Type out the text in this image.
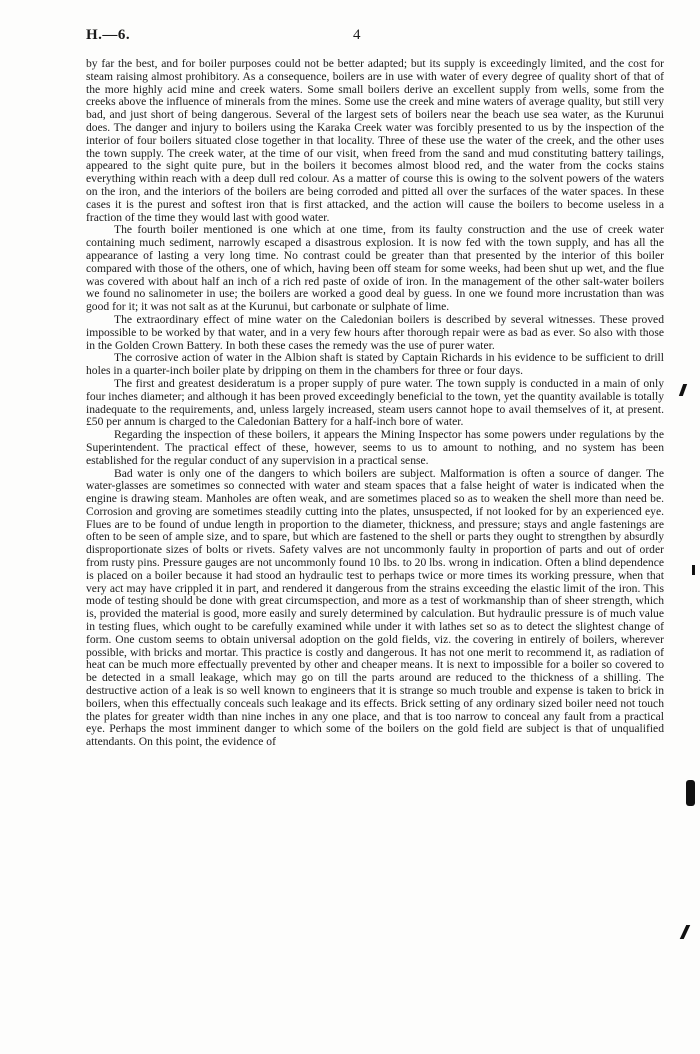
H.—6.	4

by far the best, and for boiler purposes could not be better adapted; but its supply is exceedingly limited, and the cost for steam raising almost prohibitory. As a consequence, boilers are in use with water of every degree of quality short of that of the more highly acid mine and creek waters. Some small boilers derive an excellent supply from wells, some from the creeks above the influence of minerals from the mines. Some use the creek and mine waters of average quality, but still very bad, and just short of being dangerous. Several of the largest sets of boilers near the beach use sea water, as the Kurunui does. The danger and injury to boilers using the Karaka Creek water was forcibly presented to us by the inspection of the interior of four boilers situated close together in that locality. Three of these use the water of the creek, and the other uses the town supply. The creek water, at the time of our visit, when freed from the sand and mud constituting battery tailings, appeared to the sight quite pure, but in the boilers it becomes almost blood red, and the water from the cocks stains everything within reach with a deep dull red colour. As a matter of course this is owing to the solvent powers of the waters on the iron, and the interiors of the boilers are being corroded and pitted all over the surfaces of the water spaces. In these cases it is the purest and softest iron that is first attacked, and the action will cause the boilers to become useless in a fraction of the time they would last with good water.

The fourth boiler mentioned is one which at one time, from its faulty construction and the use of creek water containing much sediment, narrowly escaped a disastrous explosion. It is now fed with the town supply, and has all the appearance of lasting a very long time. No contrast could be greater than that presented by the interior of this boiler compared with those of the others, one of which, having been off steam for some weeks, had been shut up wet, and the flue was covered with about half an inch of a rich red paste of oxide of iron. In the management of the other salt-water boilers we found no salinometer in use; the boilers are worked a good deal by guess. In one we found more incrustation than was good for it; it was not salt as at the Kurunui, but carbonate or sulphate of lime.

The extraordinary effect of mine water on the Caledonian boilers is described by several witnesses. These proved impossible to be worked by that water, and in a very few hours after thorough repair were as bad as ever. So also with those in the Golden Crown Battery. In both these cases the remedy was the use of purer water.

The corrosive action of water in the Albion shaft is stated by Captain Richards in his evidence to be sufficient to drill holes in a quarter-inch boiler plate by dripping on them in the chambers for three or four days.

The first and greatest desideratum is a proper supply of pure water. The town supply is conducted in a main of only four inches diameter; and although it has been proved exceedingly beneficial to the town, yet the quantity available is totally inadequate to the requirements, and, unless largely increased, steam users cannot hope to avail themselves of it, at present. £50 per annum is charged to the Caledonian Battery for a half-inch bore of water.

Regarding the inspection of these boilers, it appears the Mining Inspector has some powers under regulations by the Superintendent. The practical effect of these, however, seems to us to amount to nothing, and no system has been established for the regular conduct of any supervision in a practical sense.

Bad water is only one of the dangers to which boilers are subject. Malformation is often a source of danger. The water-glasses are sometimes so connected with water and steam spaces that a false height of water is indicated when the engine is drawing steam. Manholes are often weak, and are sometimes placed so as to weaken the shell more than need be. Corrosion and groving are sometimes steadily cutting into the plates, unsuspected, if not looked for by an experienced eye. Flues are to be found of undue length in proportion to the diameter, thickness, and pressure; stays and angle fastenings are often to be seen of ample size, and to spare, but which are fastened to the shell or parts they ought to strengthen by absurdly disproportionate sizes of bolts or rivets. Safety valves are not uncommonly faulty in proportion of parts and out of order from rusty pins. Pressure gauges are not uncommonly found 10 lbs. to 20 lbs. wrong in indication. Often a blind dependence is placed on a boiler because it had stood an hydraulic test to perhaps twice or more times its working pressure, when that very act may have crippled it in part, and rendered it dangerous from the strains exceeding the elastic limit of the iron. This mode of testing should be done with great circumspection, and more as a test of workmanship than of sheer strength, which is, provided the material is good, more easily and surely determined by calculation. But hydraulic pressure is of much value in testing flues, which ought to be carefully examined while under it with lathes set so as to detect the slightest change of form. One custom seems to obtain universal adoption on the gold fields, viz. the covering in entirely of boilers, wherever possible, with bricks and mortar. This practice is costly and dangerous. It has not one merit to recommend it, as radiation of heat can be much more effectually prevented by other and cheaper means. It is next to impossible for a boiler so covered to be detected in a small leakage, which may go on till the parts around are reduced to the thickness of a shilling. The destructive action of a leak is so well known to engineers that it is strange so much trouble and expense is taken to brick in boilers, when this effectually conceals such leakage and its effects. Brick setting of any ordinary sized boiler need not touch the plates for greater width than nine inches in any one place, and that is too narrow to conceal any fault from a practical eye. Perhaps the most imminent danger to which some of the boilers on the gold field are subject is that of unqualified attendants. On this point, the evidence of
